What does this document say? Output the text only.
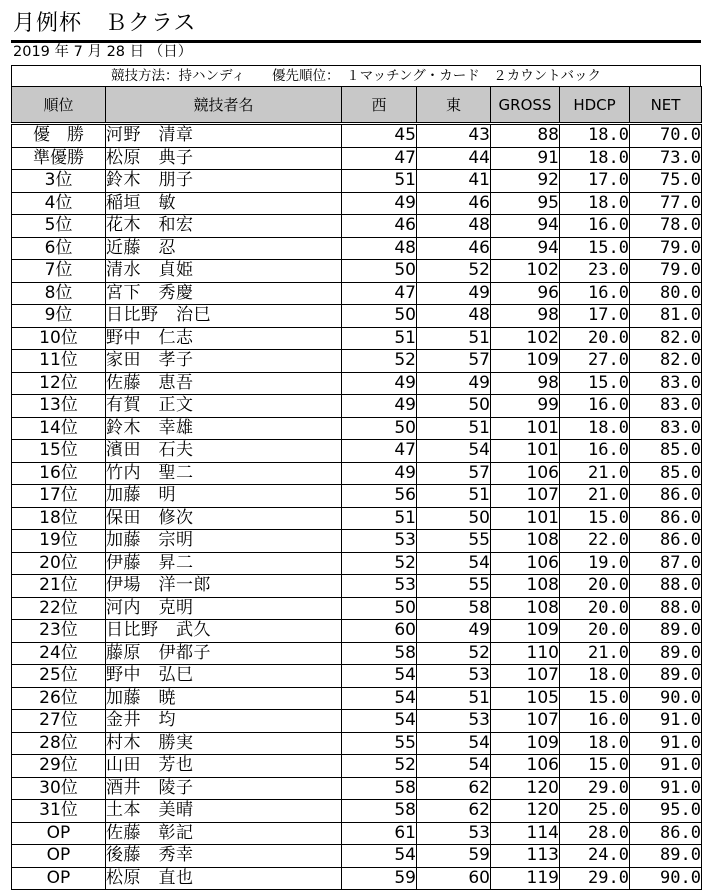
月例杯　Ｂクラス
2019 年 7 月 28 日 （日）
競技方法：持ハンディ　　優先順位：　１マッチング・カード　２カウントバック
順位	競技者名	西	東	GROSS	HDCP	NET
優　勝	河野　清章	45	43	88	18.0	70.0
準優勝	松原　典子	47	44	91	18.0	73.0
3位	鈴木　朋子	51	41	92	17.0	75.0
4位	稲垣　敏	49	46	95	18.0	77.0
5位	花木　和宏	46	48	94	16.0	78.0
6位	近藤　忍	48	46	94	15.0	79.0
7位	清水　貞姫	50	52	102	23.0	79.0
8位	宮下　秀慶	47	49	96	16.0	80.0
9位	日比野　治巳	50	48	98	17.0	81.0
10位	野中　仁志	51	51	102	20.0	82.0
11位	家田　孝子	52	57	109	27.0	82.0
12位	佐藤　恵吾	49	49	98	15.0	83.0
13位	有賀　正文	49	50	99	16.0	83.0
14位	鈴木　幸雄	50	51	101	18.0	83.0
15位	濱田　石夫	47	54	101	16.0	85.0
16位	竹内　聖二	49	57	106	21.0	85.0
17位	加藤　明	56	51	107	21.0	86.0
18位	保田　修次	51	50	101	15.0	86.0
19位	加藤　宗明	53	55	108	22.0	86.0
20位	伊藤　昇二	52	54	106	19.0	87.0
21位	伊場　洋一郎	53	55	108	20.0	88.0
22位	河内　克明	50	58	108	20.0	88.0
23位	日比野　武久	60	49	109	20.0	89.0
24位	藤原　伊都子	58	52	110	21.0	89.0
25位	野中　弘巳	54	53	107	18.0	89.0
26位	加藤　暁	54	51	105	15.0	90.0
27位	金井　均	54	53	107	16.0	91.0
28位	村木　勝実	55	54	109	18.0	91.0
29位	山田　芳也	52	54	106	15.0	91.0
30位	酒井　陵子	58	62	120	29.0	91.0
31位	土本　美晴	58	62	120	25.0	95.0
OP	佐藤　彰記	61	53	114	28.0	86.0
OP	後藤　秀幸	54	59	113	24.0	89.0
OP	松原　直也	59	60	119	29.0	90.0
